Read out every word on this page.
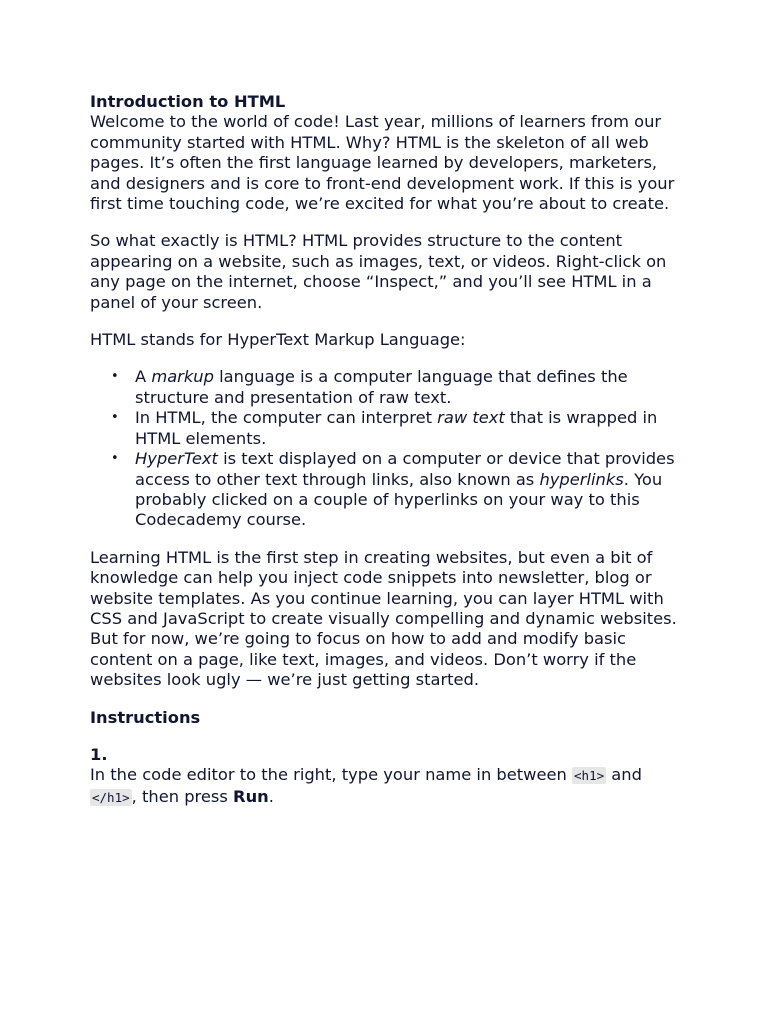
Introduction to HTML

Welcome to the world of code! Last year, millions of learners from our community started with HTML. Why? HTML is the skeleton of all web pages. It’s often the first language learned by developers, marketers, and designers and is core to front-end development work. If this is your first time touching code, we’re excited for what you’re about to create.

So what exactly is HTML? HTML provides structure to the content appearing on a website, such as images, text, or videos. Right-click on any page on the internet, choose “Inspect,” and you’ll see HTML in a panel of your screen.

HTML stands for HyperText Markup Language:

• A markup language is a computer language that defines the structure and presentation of raw text.
• In HTML, the computer can interpret raw text that is wrapped in HTML elements.
• HyperText is text displayed on a computer or device that provides access to other text through links, also known as hyperlinks. You probably clicked on a couple of hyperlinks on your way to this Codecademy course.

Learning HTML is the first step in creating websites, but even a bit of knowledge can help you inject code snippets into newsletter, blog or website templates. As you continue learning, you can layer HTML with CSS and JavaScript to create visually compelling and dynamic websites. But for now, we’re going to focus on how to add and modify basic content on a page, like text, images, and videos. Don’t worry if the websites look ugly — we’re just getting started.

Instructions

1.

In the code editor to the right, type your name in between <h1> and </h1> , then press Run.
